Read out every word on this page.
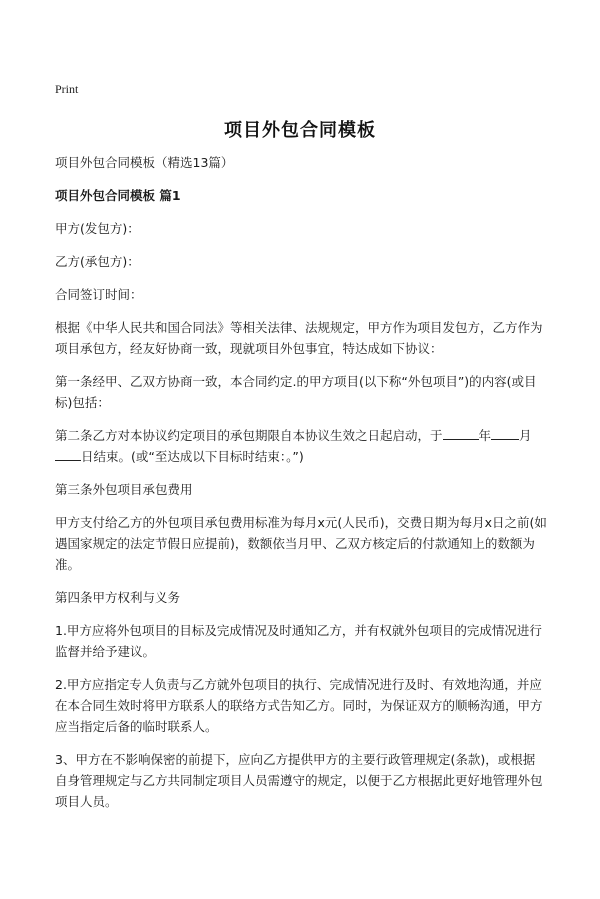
Print
项目外包合同模板

项目外包合同模板（精选13篇）

项目外包合同模板 篇1

甲方(发包方)：

乙方(承包方)：

合同签订时间：

根据《中华人民共和国合同法》等相关法律、法规规定，甲方作为项目发包方，乙方作为项目承包方，经友好协商一致，现就项目外包事宜，特达成如下协议：

第一条经甲、乙双方协商一致，本合同约定.的甲方项目(以下称“外包项目”)的内容(或目标)包括：

第二条乙方对本协议约定项目的承包期限自本协议生效之日起启动，于	年 月日结束。(或“至达成以下目标时结束：。”)

第三条外包项目承包费用

甲方支付给乙方的外包项目承包费用标准为每月x元(人民币)，交费日期为每月x日之前(如遇国家规定的法定节假日应提前)，数额依当月甲、乙双方核定后的付款通知上的数额为准。

第四条甲方权利与义务

1.甲方应将外包项目的目标及完成情况及时通知乙方，并有权就外包项目的完成情况进行监督并给予建议。

2.甲方应指定专人负责与乙方就外包项目的执行、完成情况进行及时、有效地沟通，并应在本合同生效时将甲方联系人的联络方式告知乙方。同时，为保证双方的顺畅沟通，甲方应当指定后备的临时联系人。

3、甲方在不影响保密的前提下，应向乙方提供甲方的主要行政管理规定(条款)，或根据自身管理规定与乙方共同制定项目人员需遵守的规定，以便于乙方根据此更好地管理外包项目人员。
